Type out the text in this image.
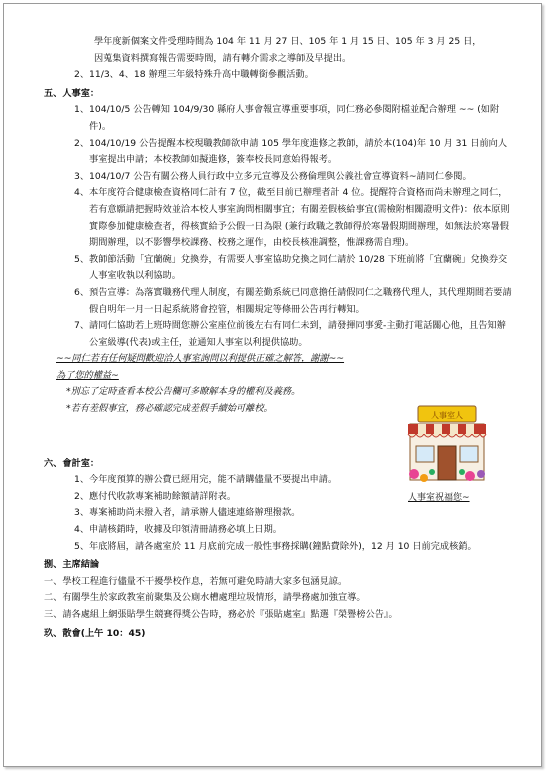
學年度新個案文件受理時間為 104 年 11 月 27 日、105 年 1 月 15 日、105 年 3 月 25 日，
因蒐集資料撰寫報告需要時間，請有轉介需求之導師及早提出。
2、11/3、4、18 辦理三年級特殊升高中職轉銜參觀活動。
五、人事室：
1、 104/10/5 公告轉知 104/9/30 縣府人事會報宣導重要事項，同仁務必參閱附檔並配合辦理 ~~ (如附件)。
2、 104/10/19 公告提醒本校現職教師欲申請 105 學年度進修之教師，請於本(104)年 10 月 31 日前向人事室提出申請；本校教師如擬進修，簽奉校長同意始得報考。
3、 104/10/7 公告有關公務人員行政中立多元宣導及公務倫理與公義社會宣導資料~請同仁參閱。
4、 本年度符合健康檢查資格同仁計有 7 位，截至目前已辦理者計 4 位。提醒符合資格而尚未辦理之同仁，若有意願請把握時效並洽本校人事室詢問相關事宜；有關差假核給事宜(需檢附相關證明文件)：依本原則實際參加健康檢查者，得核實給予公假一日為限 (兼行政職之教師得於寒暑假期間辦理，如無法於寒暑假期間辦理，以不影響學校課務、校務之運作，由校長核准調整，惟課務需自理)。
5、 教師節活動「宜蘭碗」兌換券，有需要人事室協助兌換之同仁請於 10/28 下班前將「宜蘭碗」兌換券交人事室收執以利協助。
6、 預告宣導：為落實職務代理人制度，有關差勤系統已同意擔任請假同仁之職務代理人，其代理期間若要請假自明年一月一日起系統將會控管，相關規定等條冊公告再行轉知。
7、 請同仁協助若上班時間您辦公室座位前後左右有同仁未到，請發揮同事愛-主動打電話關心他，且告知辦公室級導(代表)或主任，並通知人事室以利提供協助。
~~同仁若有任何疑問歡迎洽人事室詢問以利提供正確之解答，謝謝~~
為了您的權益~
*別忘了定時查看本校公告欄可多瞭解本身的權利及義務。
*若有差假事宜，務必確認完成差假手續始可離校。
六、會計室：
1、 今年度預算的辦公費已經用完，能不請購儘量不要提出申請。
2、 應付代收款專案補助餘額請詳附表。
3、 專案補助尚未撥入者，請承辦人儘速連絡辦理撥款。
4、 申請核銷時，收據及印領清冊請務必填上日期。
5、 年底將屆，請各處室於 11 月底前完成一般性事務採購(鐘點費除外)，12 月 10 日前完成核銷。
捌、主席結論
一、 學校工程進行儘量不干擾學校作息，若無可避免時請大家多包涵見諒。
二、 有關學生於家政教室前聚集及公廁水槽處理垃圾情形，請學務處加強宣導。
三、 請各處組上網張貼學生競賽得獎公告時，務必於『張貼處室』點選『榮譽榜公告』。
玖、散會(上午 10：45)
人事室人
人事室祝福您~
